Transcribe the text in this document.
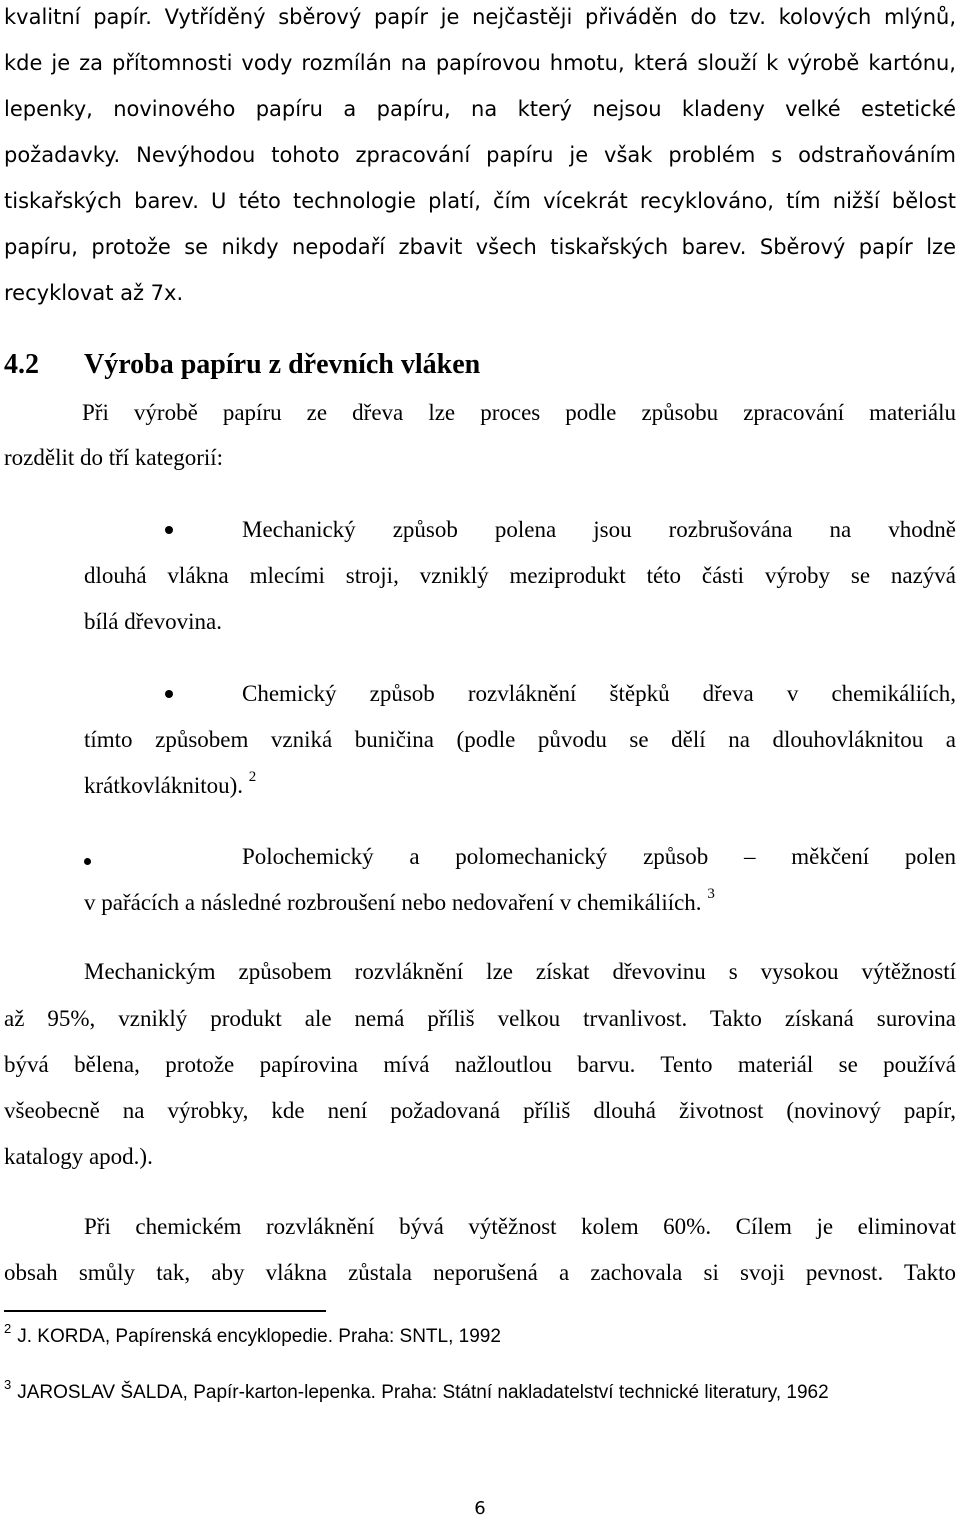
kvalitní papír. Vytříděný sběrový papír je nejčastěji přiváděn do tzv. kolových mlýnů,
kde je za přítomnosti vody rozmílán na papírovou hmotu, která slouží k výrobě kartónu,
lepenky, novinového papíru a papíru, na který nejsou kladeny velké estetické
požadavky. Nevýhodou tohoto zpracování papíru je však problém s odstraňováním
tiskařských barev. U této technologie platí, čím vícekrát recyklováno, tím nižší bělost
papíru, protože se nikdy nepodaří zbavit všech tiskařských barev. Sběrový papír lze
recyklovat až 7x.
4.2 Výroba papíru z dřevních vláken
Při výrobě papíru ze dřeva lze proces podle způsobu zpracování materiálu
rozdělit do tří kategorií:
Mechanický způsob polena jsou rozbrušována na vhodně
dlouhá vlákna mlecími stroji, vzniklý meziprodukt této části výroby se nazývá
bílá dřevovina.
Chemický způsob rozvláknění štěpků dřeva v chemikáliích,
tímto způsobem vzniká buničina (podle původu se dělí na dlouhovláknitou a
krátkovláknitou). $^2$
Polochemický a polomechanický způsob – měkčení polen
v pařácích a následné rozbroušení nebo nedovaření v chemikáliích. $^3$
Mechanickým způsobem rozvláknění lze získat dřevovinu s vysokou výtěžností
až 95%, vzniklý produkt ale nemá příliš velkou trvanlivost. Takto získaná surovina
bývá bělena, protože papírovina mívá nažloutlou barvu. Tento materiál se používá
všeobecně na výrobky, kde není požadovaná příliš dlouhá životnost (novinový papír,
katalogy apod.).
Při chemickém rozvláknění bývá výtěžnost kolem 60%. Cílem je eliminovat
obsah smůly tak, aby vlákna zůstala neporušená a zachovala si svoji pevnost. Takto
$^2$ J. KORDA, Papírenská encyklopedie. Praha: SNTL, 1992
$^3$ JAROSLAV ŠALDA, Papír-karton-lepenka. Praha: Státní nakladatelství technické literatury, 1962
6
